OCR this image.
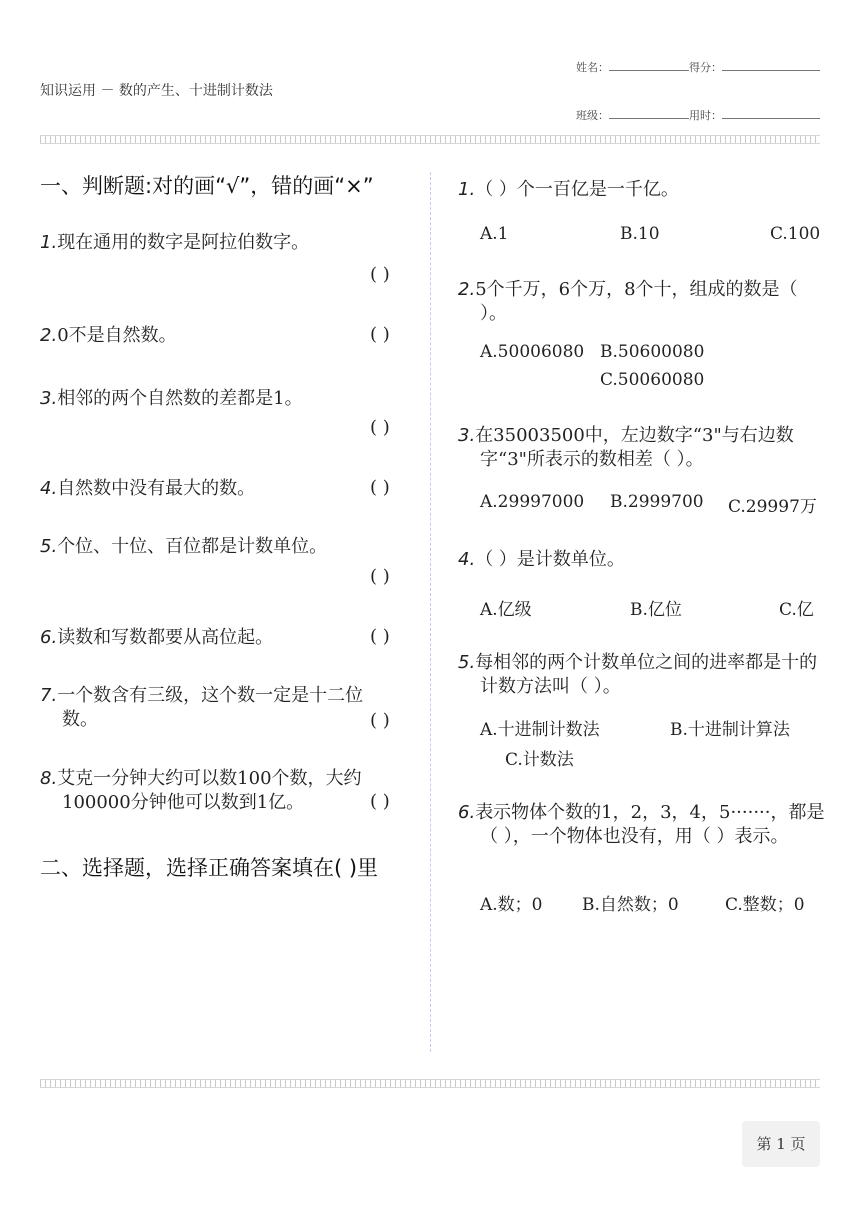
知识运用 － 数的产生、十进制计数法
姓名：	得分：
班级：	用时：
一、判断题:对的画“√”，错的画“×”
1.现在通用的数字是阿拉伯数字。
( )
2.0不是自然数。	( )
3.相邻的两个自然数的差都是1。
( )
4.自然数中没有最大的数。	( )
5.个位、十位、百位都是计数单位。
( )
6.读数和写数都要从高位起。	( )
7.一个数含有三级，这个数一定是十二位数。	( )
8.艾克一分钟大约可以数100个数，大约100000分钟他可以数到1亿。	( )
二、选择题，选择正确答案填在( )里
1.（ ）个一百亿是一千亿。
A.1	B.10	C.100
2.5个千万，6个万，8个十，组成的数是（ ）。
A.50006080 B.50600080
C.50060080
3.在35003500中，左边数字“3"与右边数字“3"所表示的数相差（ ）。
A.29997000 B.2999700 C.29997万
4.（ ）是计数单位。
A.亿级	B.亿位	C.亿
5.每相邻的两个计数单位之间的进率都是十的计数方法叫（ ）。
A.十进制计数法	B.十进制计算法
C.计数法
6.表示物体个数的1，2，3，4，5·······，都是（ ），一个物体也没有，用（ ）表示。
A.数；0 B.自然数；0	C.整数；0
第 1 页
